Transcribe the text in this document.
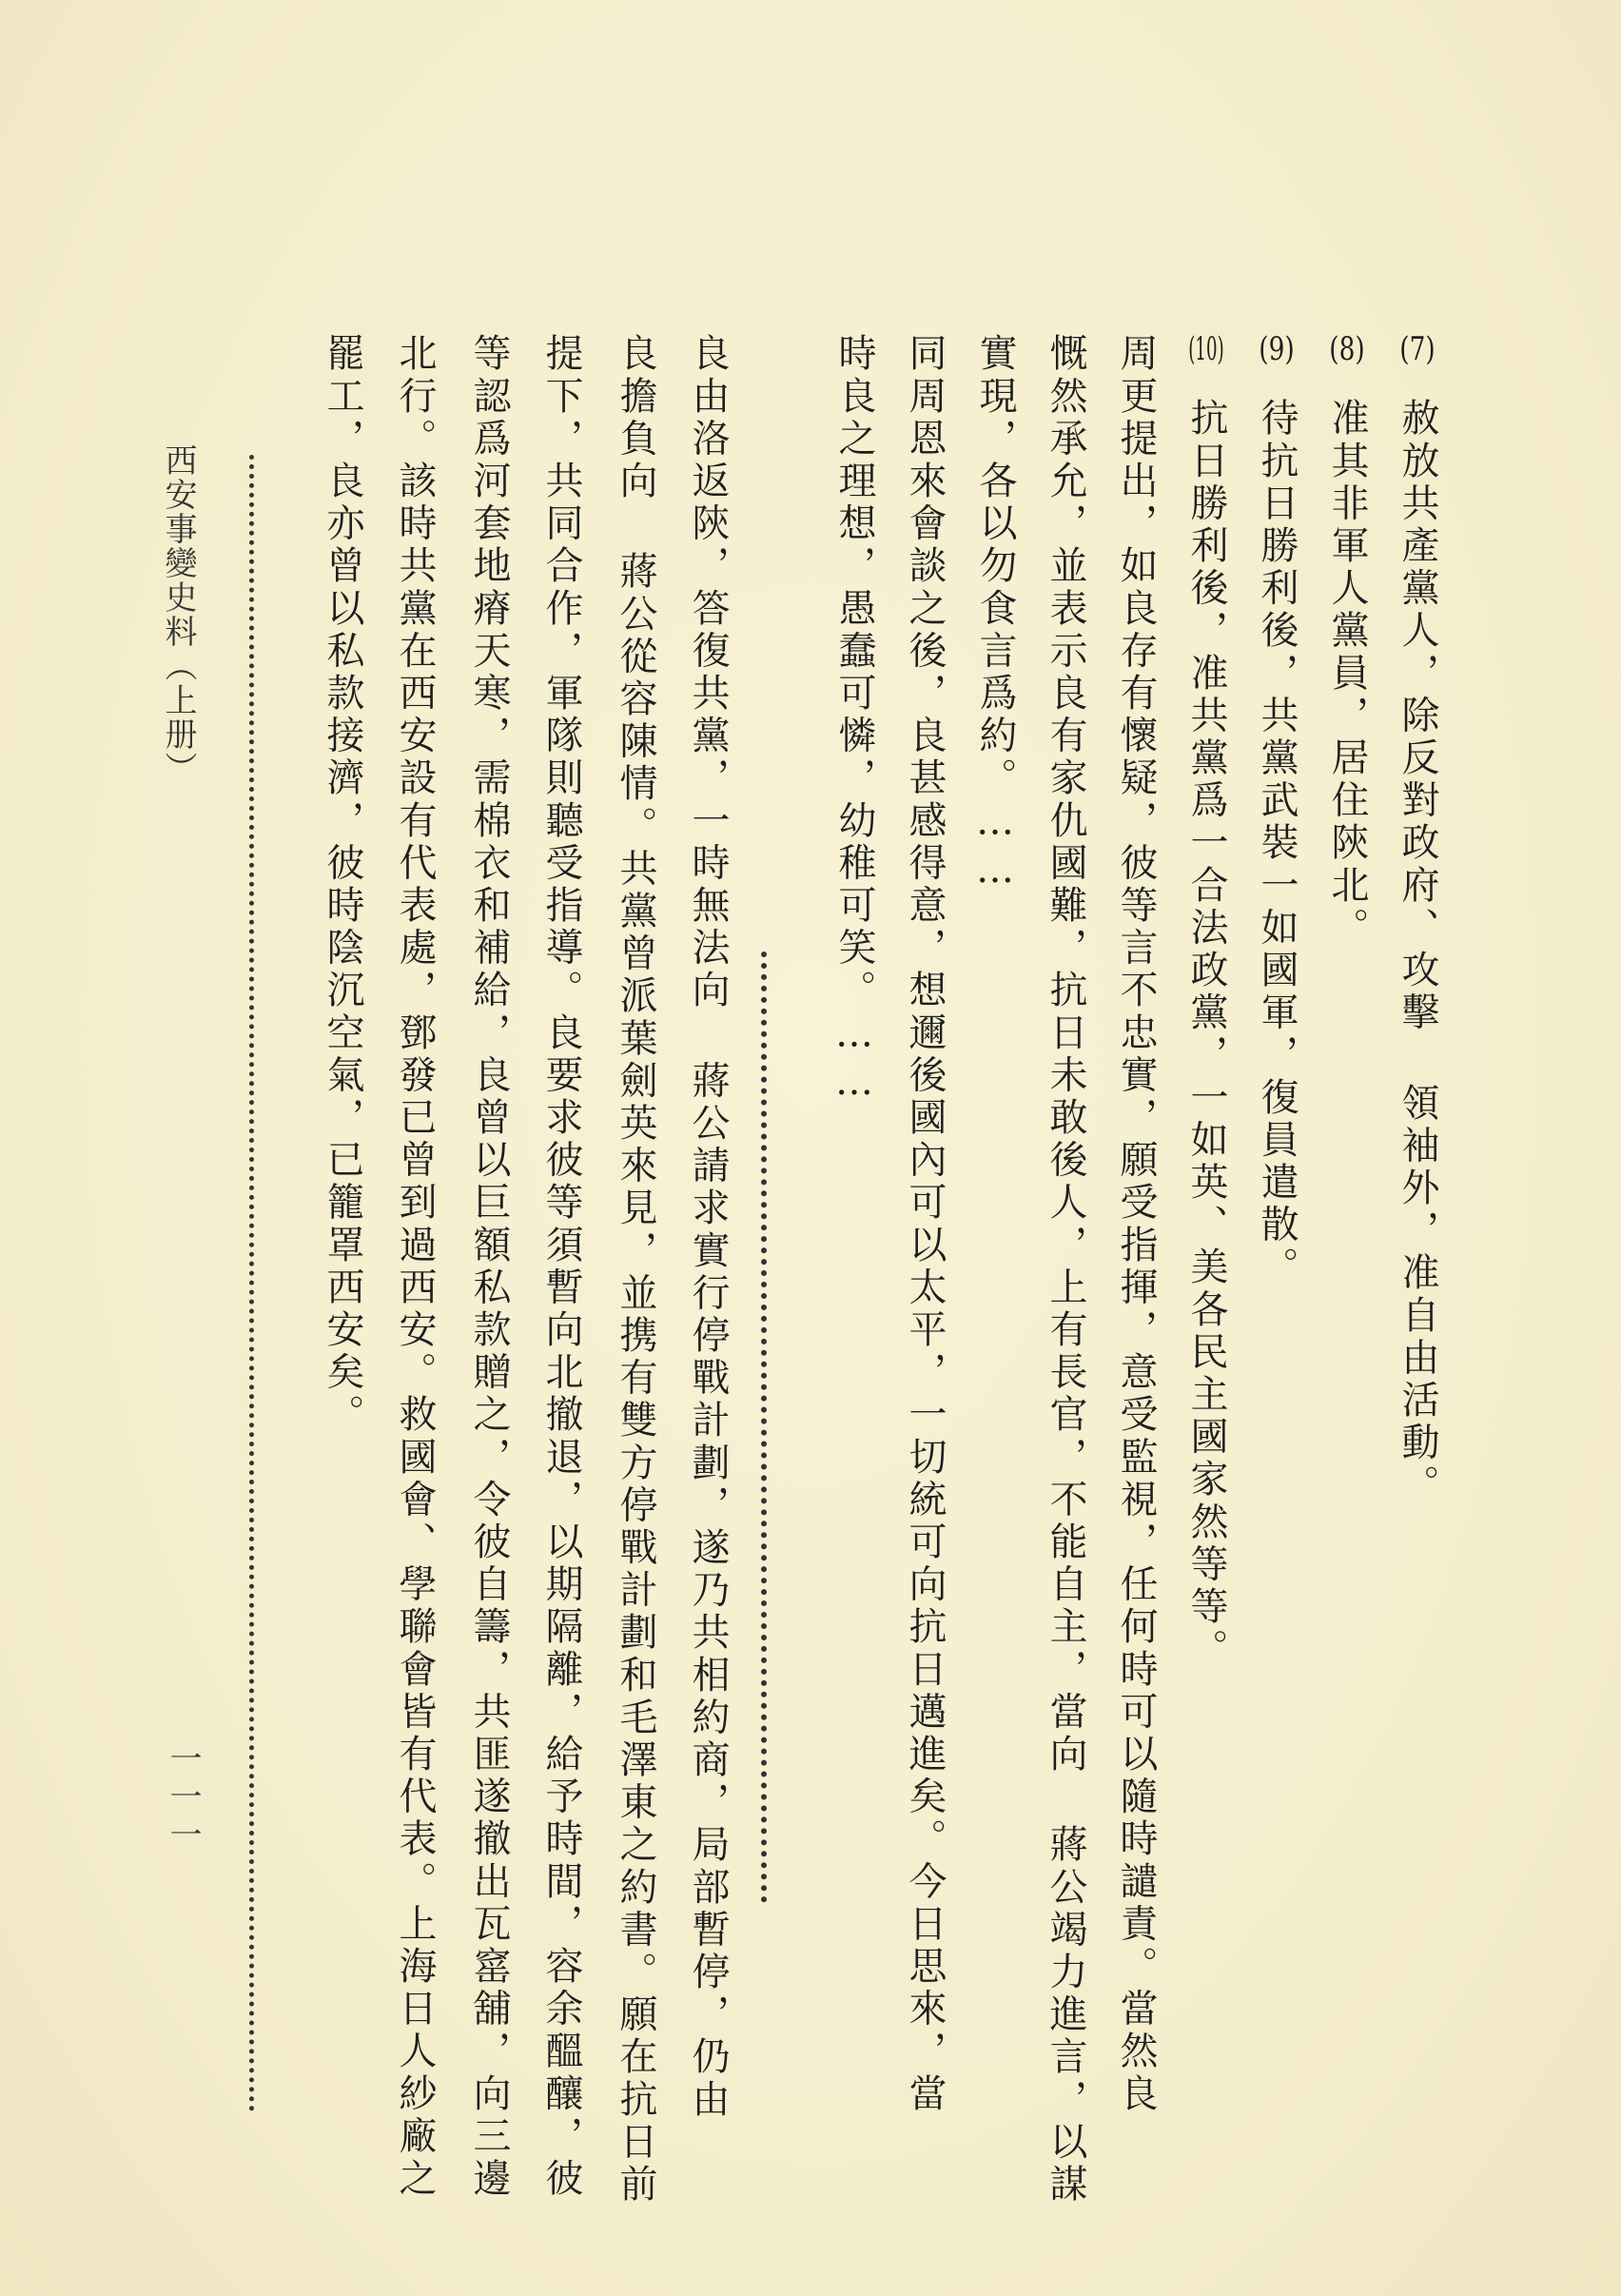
(7)赦放共產黨人，除反對政府、攻擊 領袖外，准自由活動。
(8)准其非軍人黨員，居住陝北。
(9)待抗日勝利後，共黨武裝一如國軍，復員遣散。
(10)抗日勝利後，准共黨爲一合法政黨，一如英、美各民主國家然等等。
周更提出，如良存有懷疑，彼等言不忠實，願受指揮，意受監視，任何時可以隨時譴責。當然良
慨然承允，並表示良有家仇國難，抗日未敢後人，上有長官，不能自主，當向 蔣公竭力進言，以謀
實現，各以勿食言爲約。……
同周恩來會談之後，良甚感得意，想邇後國內可以太平，一切統可向抗日邁進矣。今日思來，當
時良之理想，愚蠢可憐，幼稚可笑。……
良由洛返陝，答復共黨，一時無法向 蔣公請求實行停戰計劃，遂乃共相約商，局部暫停，仍由
良擔負向 蔣公從容陳情。共黨曾派葉劍英來見，並携有雙方停戰計劃和毛澤東之約書。願在抗日前
提下，共同合作，軍隊則聽受指導。良要求彼等須暫向北撤退，以期隔離，給予時間，容余醞釀，彼
等認爲河套地瘠天寒，需棉衣和補給，良曾以巨額私款贈之，令彼自籌，共匪遂撤出瓦窰舖，向三邊
北行。該時共黨在西安設有代表處，鄧發已曾到過西安。救國會、學聯會皆有代表。上海日人紗廠之
罷工，良亦曾以私款接濟，彼時陰沉空氣，已籠罩西安矣。
西安事變史料（上册）
一一一
